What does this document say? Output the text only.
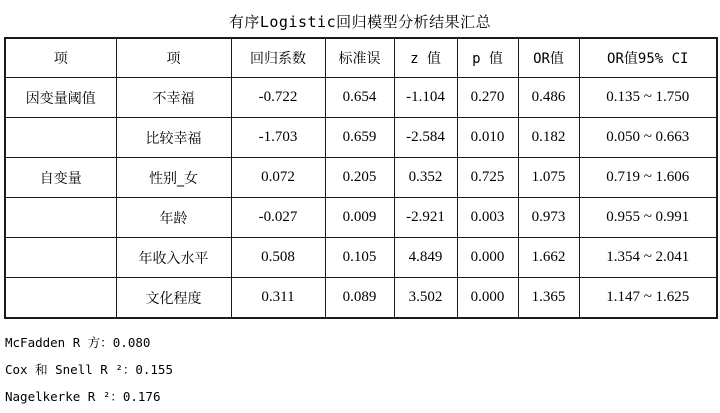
有序Logistic回归模型分析结果汇总
项	项	回归系数	标准误	z 值	p 值	OR值	OR值95% CI
因变量阈值	不幸福	-0.722	0.654	-1.104	0.270	0.486	0.135 ~ 1.750
	比较幸福	-1.703	0.659	-2.584	0.010	0.182	0.050 ~ 0.663
自变量	性别_女	0.072	0.205	0.352	0.725	1.075	0.719 ~ 1.606
	年龄	-0.027	0.009	-2.921	0.003	0.973	0.955 ~ 0.991
	年收入水平	0.508	0.105	4.849	0.000	1.662	1.354 ~ 2.041
	文化程度	0.311	0.089	3.502	0.000	1.365	1.147 ~ 1.625
McFadden R 方：0.080
Cox 和 Snell R ²：0.155
Nagelkerke R ²：0.176
